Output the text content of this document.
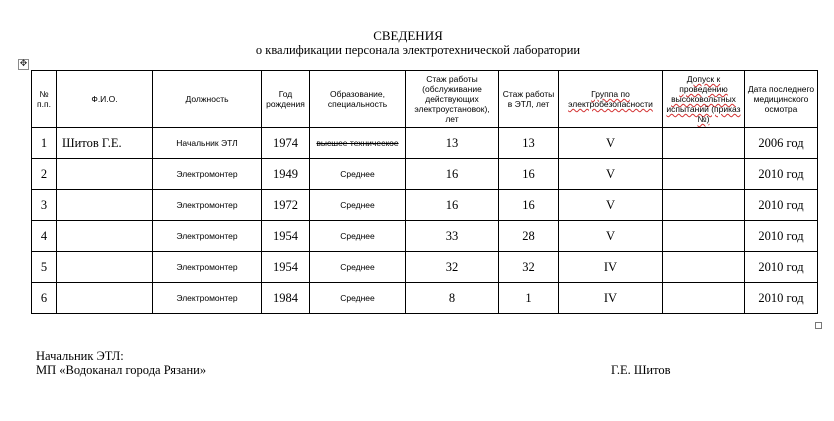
СВЕДЕНИЯ
о квалификации персонала электротехнической лаборатории
✥
№ п.п.	Ф.И.О.	Должность	Год рождения	Образование, специальность	Стаж работы (обслуживание действующих электроустановок), лет	Стаж работы в ЭТЛ, лет	Группа по электробезопасности	Допуск к проведению высоковольтных испытаний (приказ №)	Дата последнего медицинского осмотра
1	Шитов Г.Е.	Начальник ЭТЛ	1974	высшее техническое	13	13	V		2006 год
2		Электромонтер	1949	Среднее	16	16	V		2010 год
3		Электромонтер	1972	Среднее	16	16	V		2010 год
4		Электромонтер	1954	Среднее	33	28	V		2010 год
5		Электромонтер	1954	Среднее	32	32	IV		2010 год
6		Электромонтер	1984	Среднее	8	1	IV		2010 год
Начальник ЭТЛ:
МП «Водоканал города Рязани»	Г.Е. Шитов
